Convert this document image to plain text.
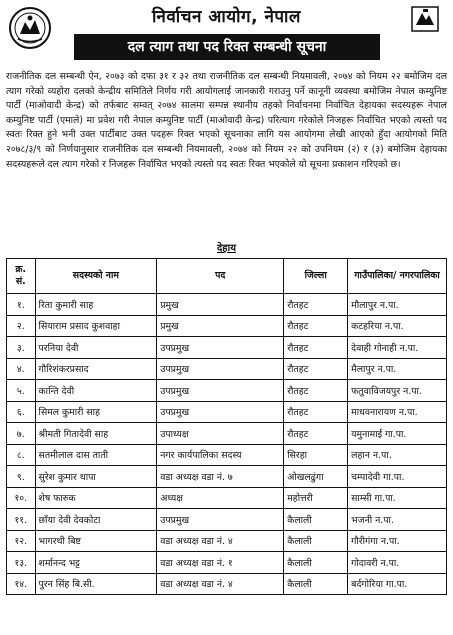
निर्वाचन आयोग, नेपाल
दल त्याग तथा पद रिक्त सम्बन्धी सूचना
राजनीतिक दल सम्बन्धी ऐन, २०७३ को दफा ३१ र ३२ तथा राजनीतिक दल सम्बन्धी नियमावली, २०७४ को नियम २२ बमोजिम दल त्याग गरेको व्यहोरा दलको केन्द्रीय समितिले निर्णय गरी आयोगलाई जानकारी गराउनु पर्ने कानूनी व्यवस्था बमोजिम नेपाल कम्युनिष्ट पार्टी (माओवादी केन्द्र) को तर्फबाट सम्वत् २०७४ सालमा सम्पन्न स्थानीय तहको निर्वाचनमा निर्वाचित देहायका सदस्यहरू नेपाल कम्युनिष्ट पार्टी (एमाले) मा प्रवेश गरी नेपाल कम्युनिष्ट पार्टी (माओवादी केन्द्र) परित्याग गरेकोले निजहरू निर्वाचित भएको त्यस्तो पद स्वतः रिक्त हुने भनी उक्त पार्टीबाट उक्त पदहरू रिक्त भएको सूचनाका लागि यस आयोगमा लेखी आएको हुँदा आयोगको मिति २०७८/३/९ को निर्णयानुसार राजनीतिक दल सम्बन्धी नियमावली, २०७४ को नियम २२ को उपनियम (२) र (३) बमोजिम देहायका सदस्यहरूले दल त्याग गरेको र निजहरू निर्वाचित भएको त्यस्तो पद स्वतः रिक्त भएकोले यो सूचना प्रकाशन गरिएको छ।
देहाय
क्र. सं.	सदस्यको नाम	पद	जिल्ला	गाउँपालिका/ नगरपालिका
१.	रिता कुमारी साह	प्रमुख	रौतहट	मौलापुर न.पा.
२.	सियाराम प्रसाद कुशवाहा	प्रमुख	रौतहट	कटहरिया न.पा.
३.	परनिया देवी	उपप्रमुख	रौतहट	देवाही गोनाही न.पा.
४.	गौरिशंकरप्रसाद	उपप्रमुख	रौतहट	मैलापुर न.पा.
५.	कान्ति देवी	उपप्रमुख	रौतहट	फतुवाविजयपुर न.पा.
६.	सिमल कुमारी साह	उपप्रमुख	रौतहट	माधवनारायण न.पा.
७.	श्रीमती गितादेवी साह	उपाध्यक्ष	रौतहट	यमुनामाई गा.पा.
८.	सतमीलाल दास ताती	नगर कार्यपालिका सदस्य	सिरहा	लहान न.पा.
९.	सुरेश कुमार थापा	वडा अध्यक्ष वडा नं. ७	ओखलढुंगा	चम्पादेवी गा.पा.
१०.	शेष फारुक	अध्यक्ष	महोत्तरी	साम्सी गा.पा.
११.	छाँया देवी देवकोटा	उपप्रमुख	कैलाली	भजनी न.पा.
१२.	भागरथी बिष्ट	वडा अध्यक्ष वडा नं. ४	कैलाली	गौरीगंगा न.पा.
१३.	शर्मानन्द भट्ट	वडा अध्यक्ष वडा नं. १	कैलाली	गोदावरी न.पा.
१४.	पुरन सिंह बि.सी.	वडा अध्यक्ष वडा नं. ४	कैलाली	बर्दगोरिया गा.पा.
